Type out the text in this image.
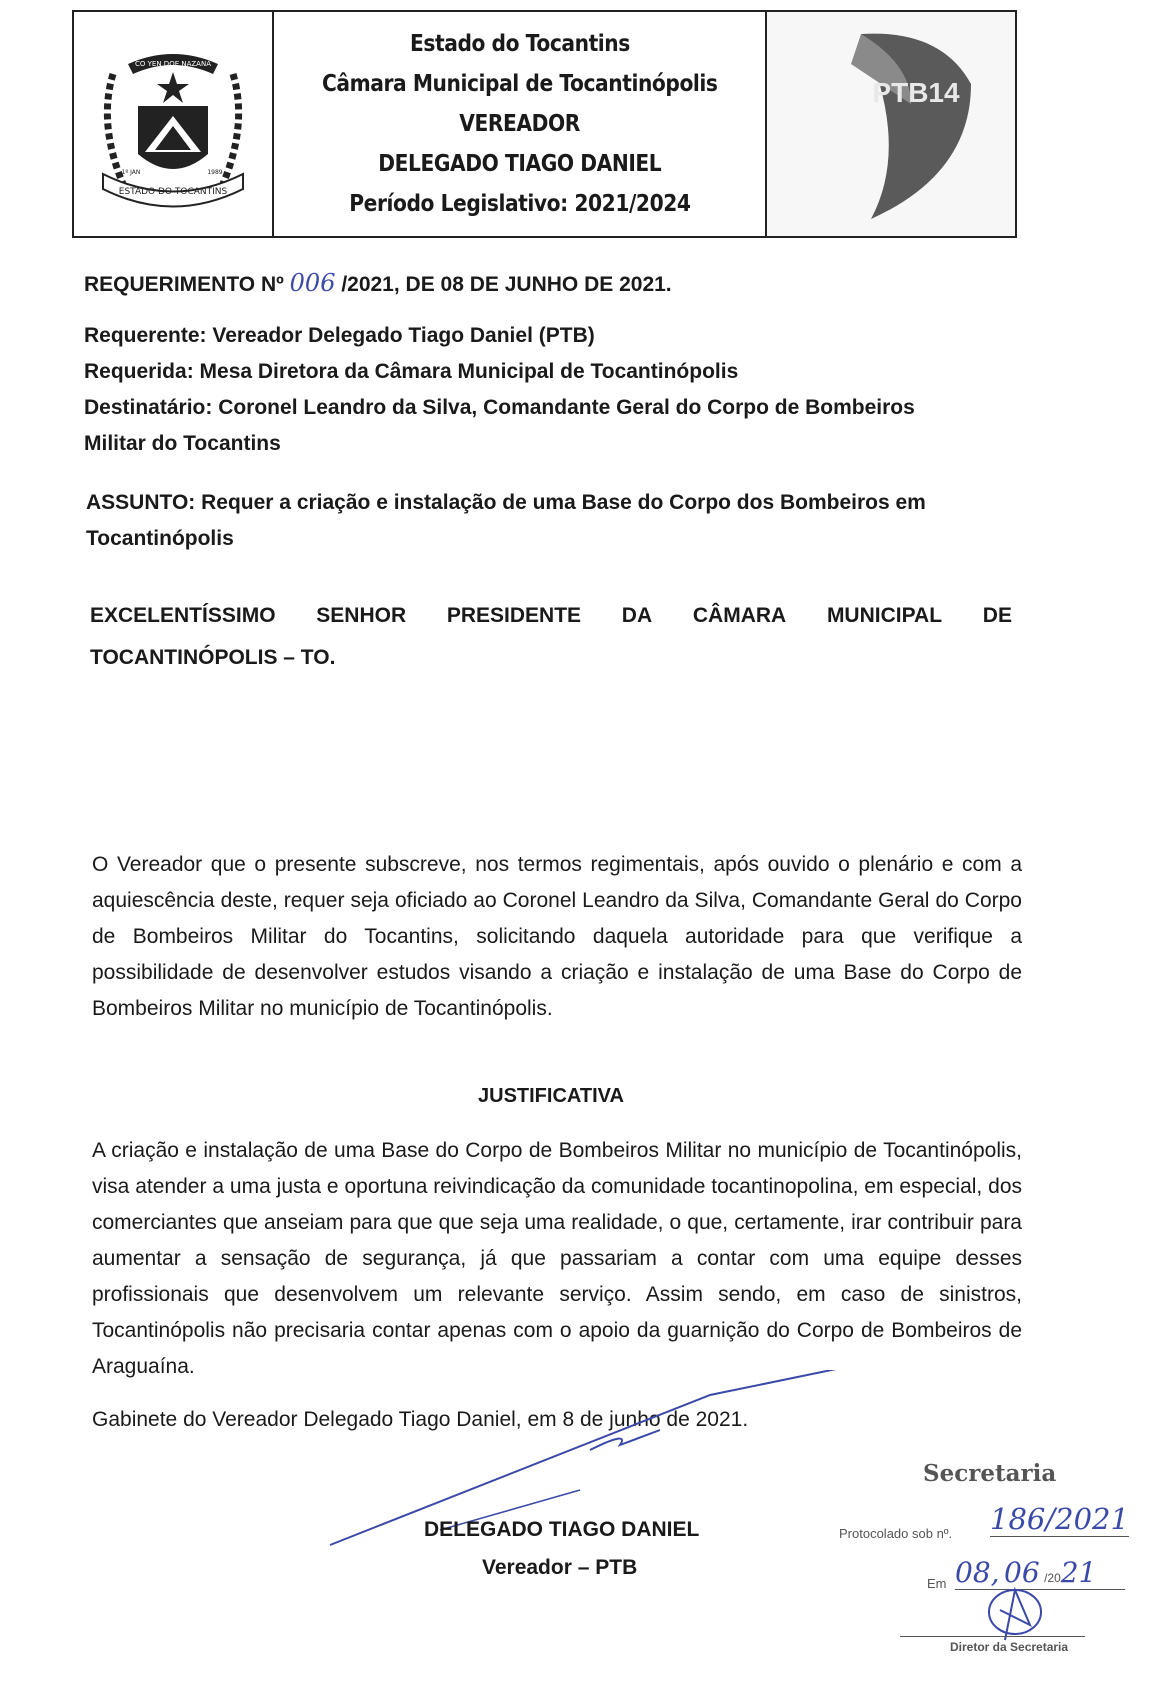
CO YEN DOE NAZANA
ESTADO DO TOCANTINS
1º JAN	1989
Estado do Tocantins
Câmara Municipal de Tocantinópolis
VEREADOR
DELEGADO TIAGO DANIEL
Período Legislativo: 2021/2024
PTB14
REQUERIMENTO Nº 006 /2021, DE 08 DE JUNHO DE 2021.
Requerente: Vereador Delegado Tiago Daniel (PTB)
Requerida: Mesa Diretora da Câmara Municipal de Tocantinópolis
Destinatário: Coronel Leandro da Silva, Comandante Geral do Corpo de Bombeiros
Militar do Tocantins
ASSUNTO: Requer a criação e instalação de uma Base do Corpo dos Bombeiros em
Tocantinópolis
EXCELENTÍSSIMO SENHOR PRESIDENTE DA CÂMARA MUNICIPAL DE
TOCANTINÓPOLIS – TO.
O Vereador que o presente subscreve, nos termos regimentais, após ouvido o plenário e com a aquiescência deste, requer seja oficiado ao Coronel Leandro da Silva, Comandante Geral do Corpo de Bombeiros Militar do Tocantins, solicitando daquela autoridade para que verifique a possibilidade de desenvolver estudos visando a criação e instalação de uma Base do Corpo de Bombeiros Militar no município de Tocantinópolis.
JUSTIFICATIVA
A criação e instalação de uma Base do Corpo de Bombeiros Militar no município de Tocantinópolis, visa atender a uma justa e oportuna reivindicação da comunidade tocantinopolina, em especial, dos comerciantes que anseiam para que que seja uma realidade, o que, certamente, irar contribuir para aumentar a sensação de segurança, já que passariam a contar com uma equipe desses profissionais que desenvolvem um relevante serviço. Assim sendo, em caso de sinistros, Tocantinópolis não precisaria contar apenas com o apoio da guarnição do Corpo de Bombeiros de Araguaína.
Gabinete do Vereador Delegado Tiago Daniel, em 8 de junho de 2021.
DELEGADO TIAGO DANIEL
Vereador – PTB
Secretaria
Protocolado sob nº. 186/2021
Em 08, 06 /2021
Diretor da Secretaria
